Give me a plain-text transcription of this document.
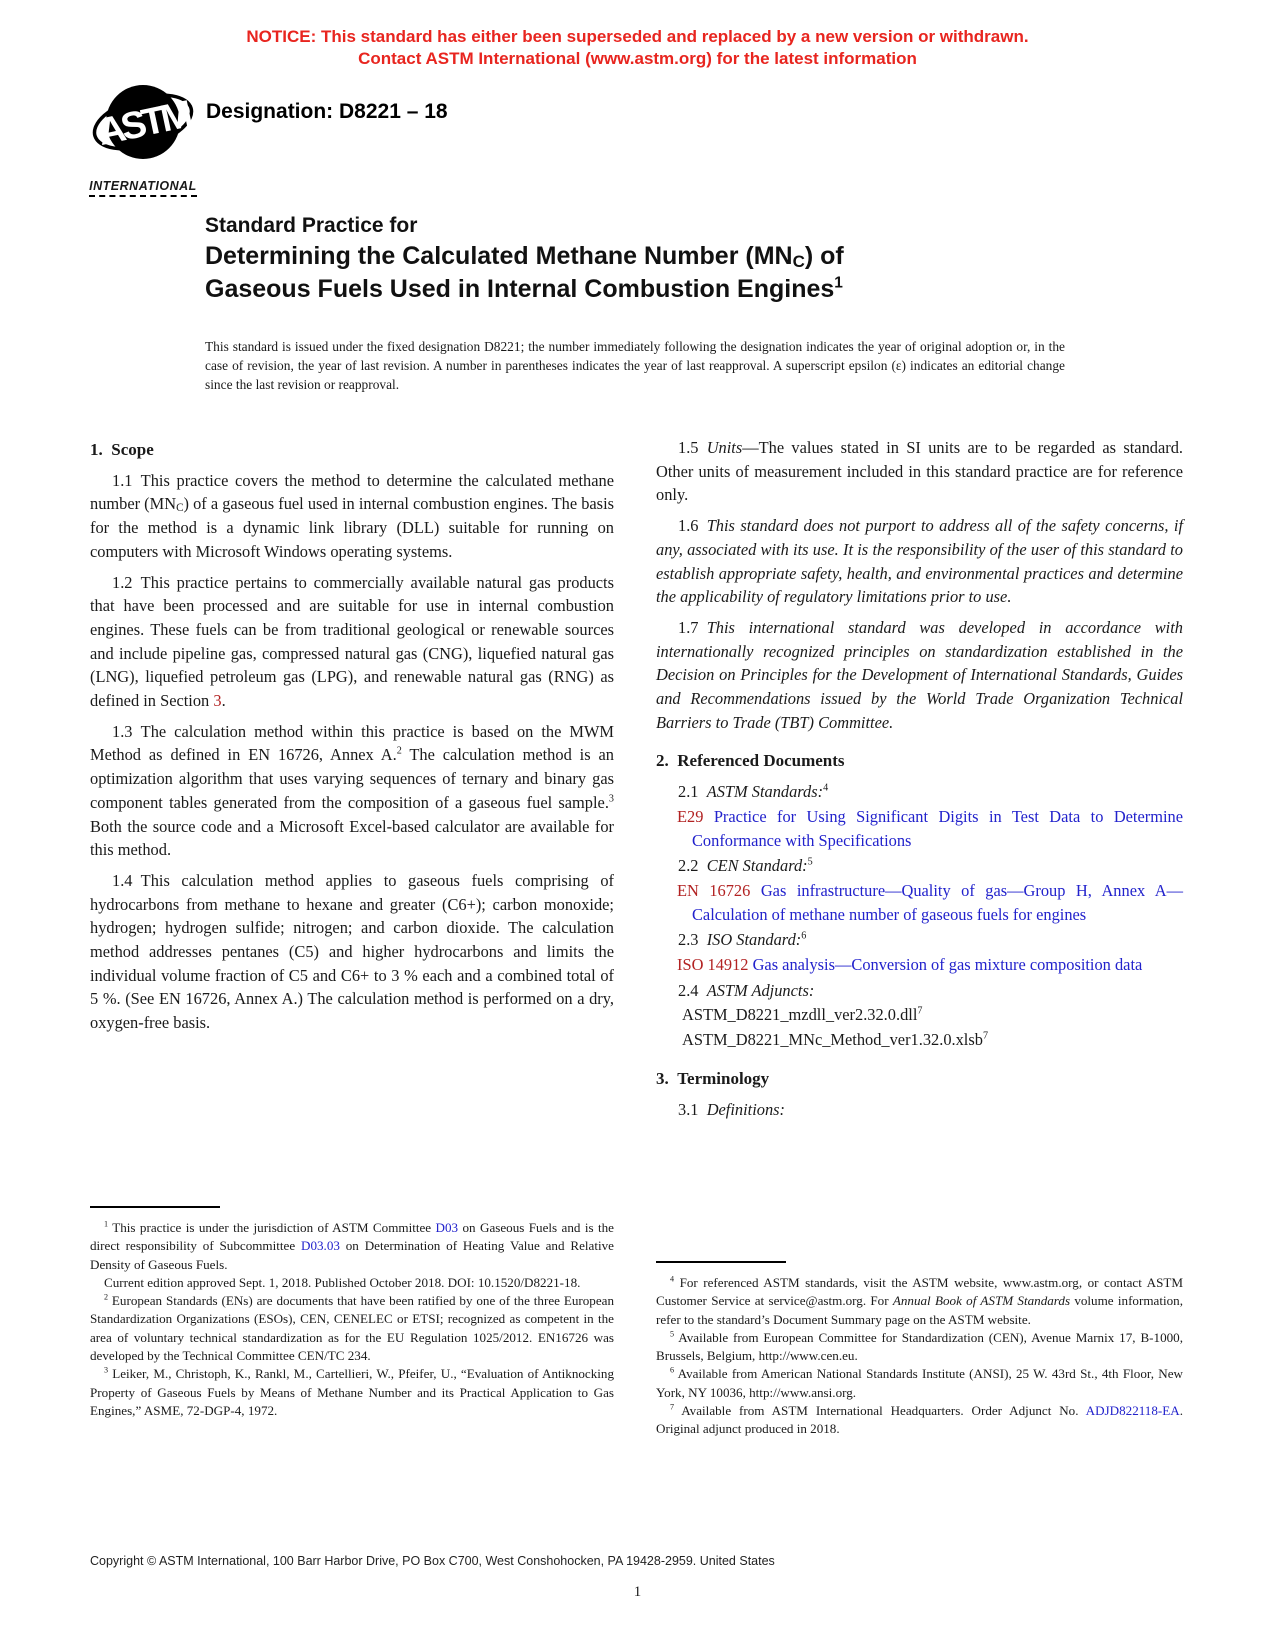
NOTICE: This standard has either been superseded and replaced by a new version or withdrawn.
Contact ASTM International (www.astm.org) for the latest information
ASTM
INTERNATIONAL
Designation: D8221 – 18
Standard Practice for
Determining the Calculated Methane Number (MNC) of
Gaseous Fuels Used in Internal Combustion Engines$^1$
This standard is issued under the fixed designation D8221; the number immediately following the designation indicates the year of original adoption or, in the case of revision, the year of last revision. A number in parentheses indicates the year of last reapproval. A superscript epsilon (ε) indicates an editorial change since the last revision or reapproval.
1. Scope
1.1 This practice covers the method to determine the calculated methane number (MNC) of a gaseous fuel used in internal combustion engines. The basis for the method is a dynamic link library (DLL) suitable for running on computers with Microsoft Windows operating systems.
1.2 This practice pertains to commercially available natural gas products that have been processed and are suitable for use in internal combustion engines. These fuels can be from traditional geological or renewable sources and include pipeline gas, compressed natural gas (CNG), liquefied natural gas (LNG), liquefied petroleum gas (LPG), and renewable natural gas (RNG) as defined in Section 3.
1.3 The calculation method within this practice is based on the MWM Method as defined in EN 16726, Annex A.$^2$ The calculation method is an optimization algorithm that uses varying sequences of ternary and binary gas component tables generated from the composition of a gaseous fuel sample.$^3$ Both the source code and a Microsoft Excel-based calculator are available for this method.
1.4 This calculation method applies to gaseous fuels comprising of hydrocarbons from methane to hexane and greater (C6+); carbon monoxide; hydrogen; hydrogen sulfide; nitrogen; and carbon dioxide. The calculation method addresses pentanes (C5) and higher hydrocarbons and limits the individual volume fraction of C5 and C6+ to 3 % each and a combined total of 5 %. (See EN 16726, Annex A.) The calculation method is performed on a dry, oxygen-free basis.
1.5 Units—The values stated in SI units are to be regarded as standard. Other units of measurement included in this standard practice are for reference only.
1.6 This standard does not purport to address all of the safety concerns, if any, associated with its use. It is the responsibility of the user of this standard to establish appropriate safety, health, and environmental practices and determine the applicability of regulatory limitations prior to use.
1.7 This international standard was developed in accordance with internationally recognized principles on standardization established in the Decision on Principles for the Development of International Standards, Guides and Recommendations issued by the World Trade Organization Technical Barriers to Trade (TBT) Committee.
2. Referenced Documents
2.1 ASTM Standards:$^4$
E29 Practice for Using Significant Digits in Test Data to Determine Conformance with Specifications
2.2 CEN Standard:$^5$
EN 16726 Gas infrastructure—Quality of gas—Group H, Annex A—Calculation of methane number of gaseous fuels for engines
2.3 ISO Standard:$^6$
ISO 14912 Gas analysis—Conversion of gas mixture composition data
2.4 ASTM Adjuncts:
ASTM_D8221_mzdll_ver2.32.0.dll$^7$
ASTM_D8221_MNc_Method_ver1.32.0.xlsb$^7$
3. Terminology
3.1 Definitions:
$^1$ This practice is under the jurisdiction of ASTM Committee D03 on Gaseous Fuels and is the direct responsibility of Subcommittee D03.03 on Determination of Heating Value and Relative Density of Gaseous Fuels.
Current edition approved Sept. 1, 2018. Published October 2018. DOI: 10.1520/D8221-18.
$^2$ European Standards (ENs) are documents that have been ratified by one of the three European Standardization Organizations (ESOs), CEN, CENELEC or ETSI; recognized as competent in the area of voluntary technical standardization as for the EU Regulation 1025/2012. EN16726 was developed by the Technical Committee CEN/TC 234.
$^3$ Leiker, M., Christoph, K., Rankl, M., Cartellieri, W., Pfeifer, U., “Evaluation of Antiknocking Property of Gaseous Fuels by Means of Methane Number and its Practical Application to Gas Engines,” ASME, 72-DGP-4, 1972.
$^4$ For referenced ASTM standards, visit the ASTM website, www.astm.org, or contact ASTM Customer Service at service@astm.org. For Annual Book of ASTM Standards volume information, refer to the standard’s Document Summary page on the ASTM website.
$^5$ Available from European Committee for Standardization (CEN), Avenue Marnix 17, B-1000, Brussels, Belgium, http://www.cen.eu.
$^6$ Available from American National Standards Institute (ANSI), 25 W. 43rd St., 4th Floor, New York, NY 10036, http://www.ansi.org.
$^7$ Available from ASTM International Headquarters. Order Adjunct No. ADJD822118-EA. Original adjunct produced in 2018.
Copyright © ASTM International, 100 Barr Harbor Drive, PO Box C700, West Conshohocken, PA 19428-2959. United States
1
